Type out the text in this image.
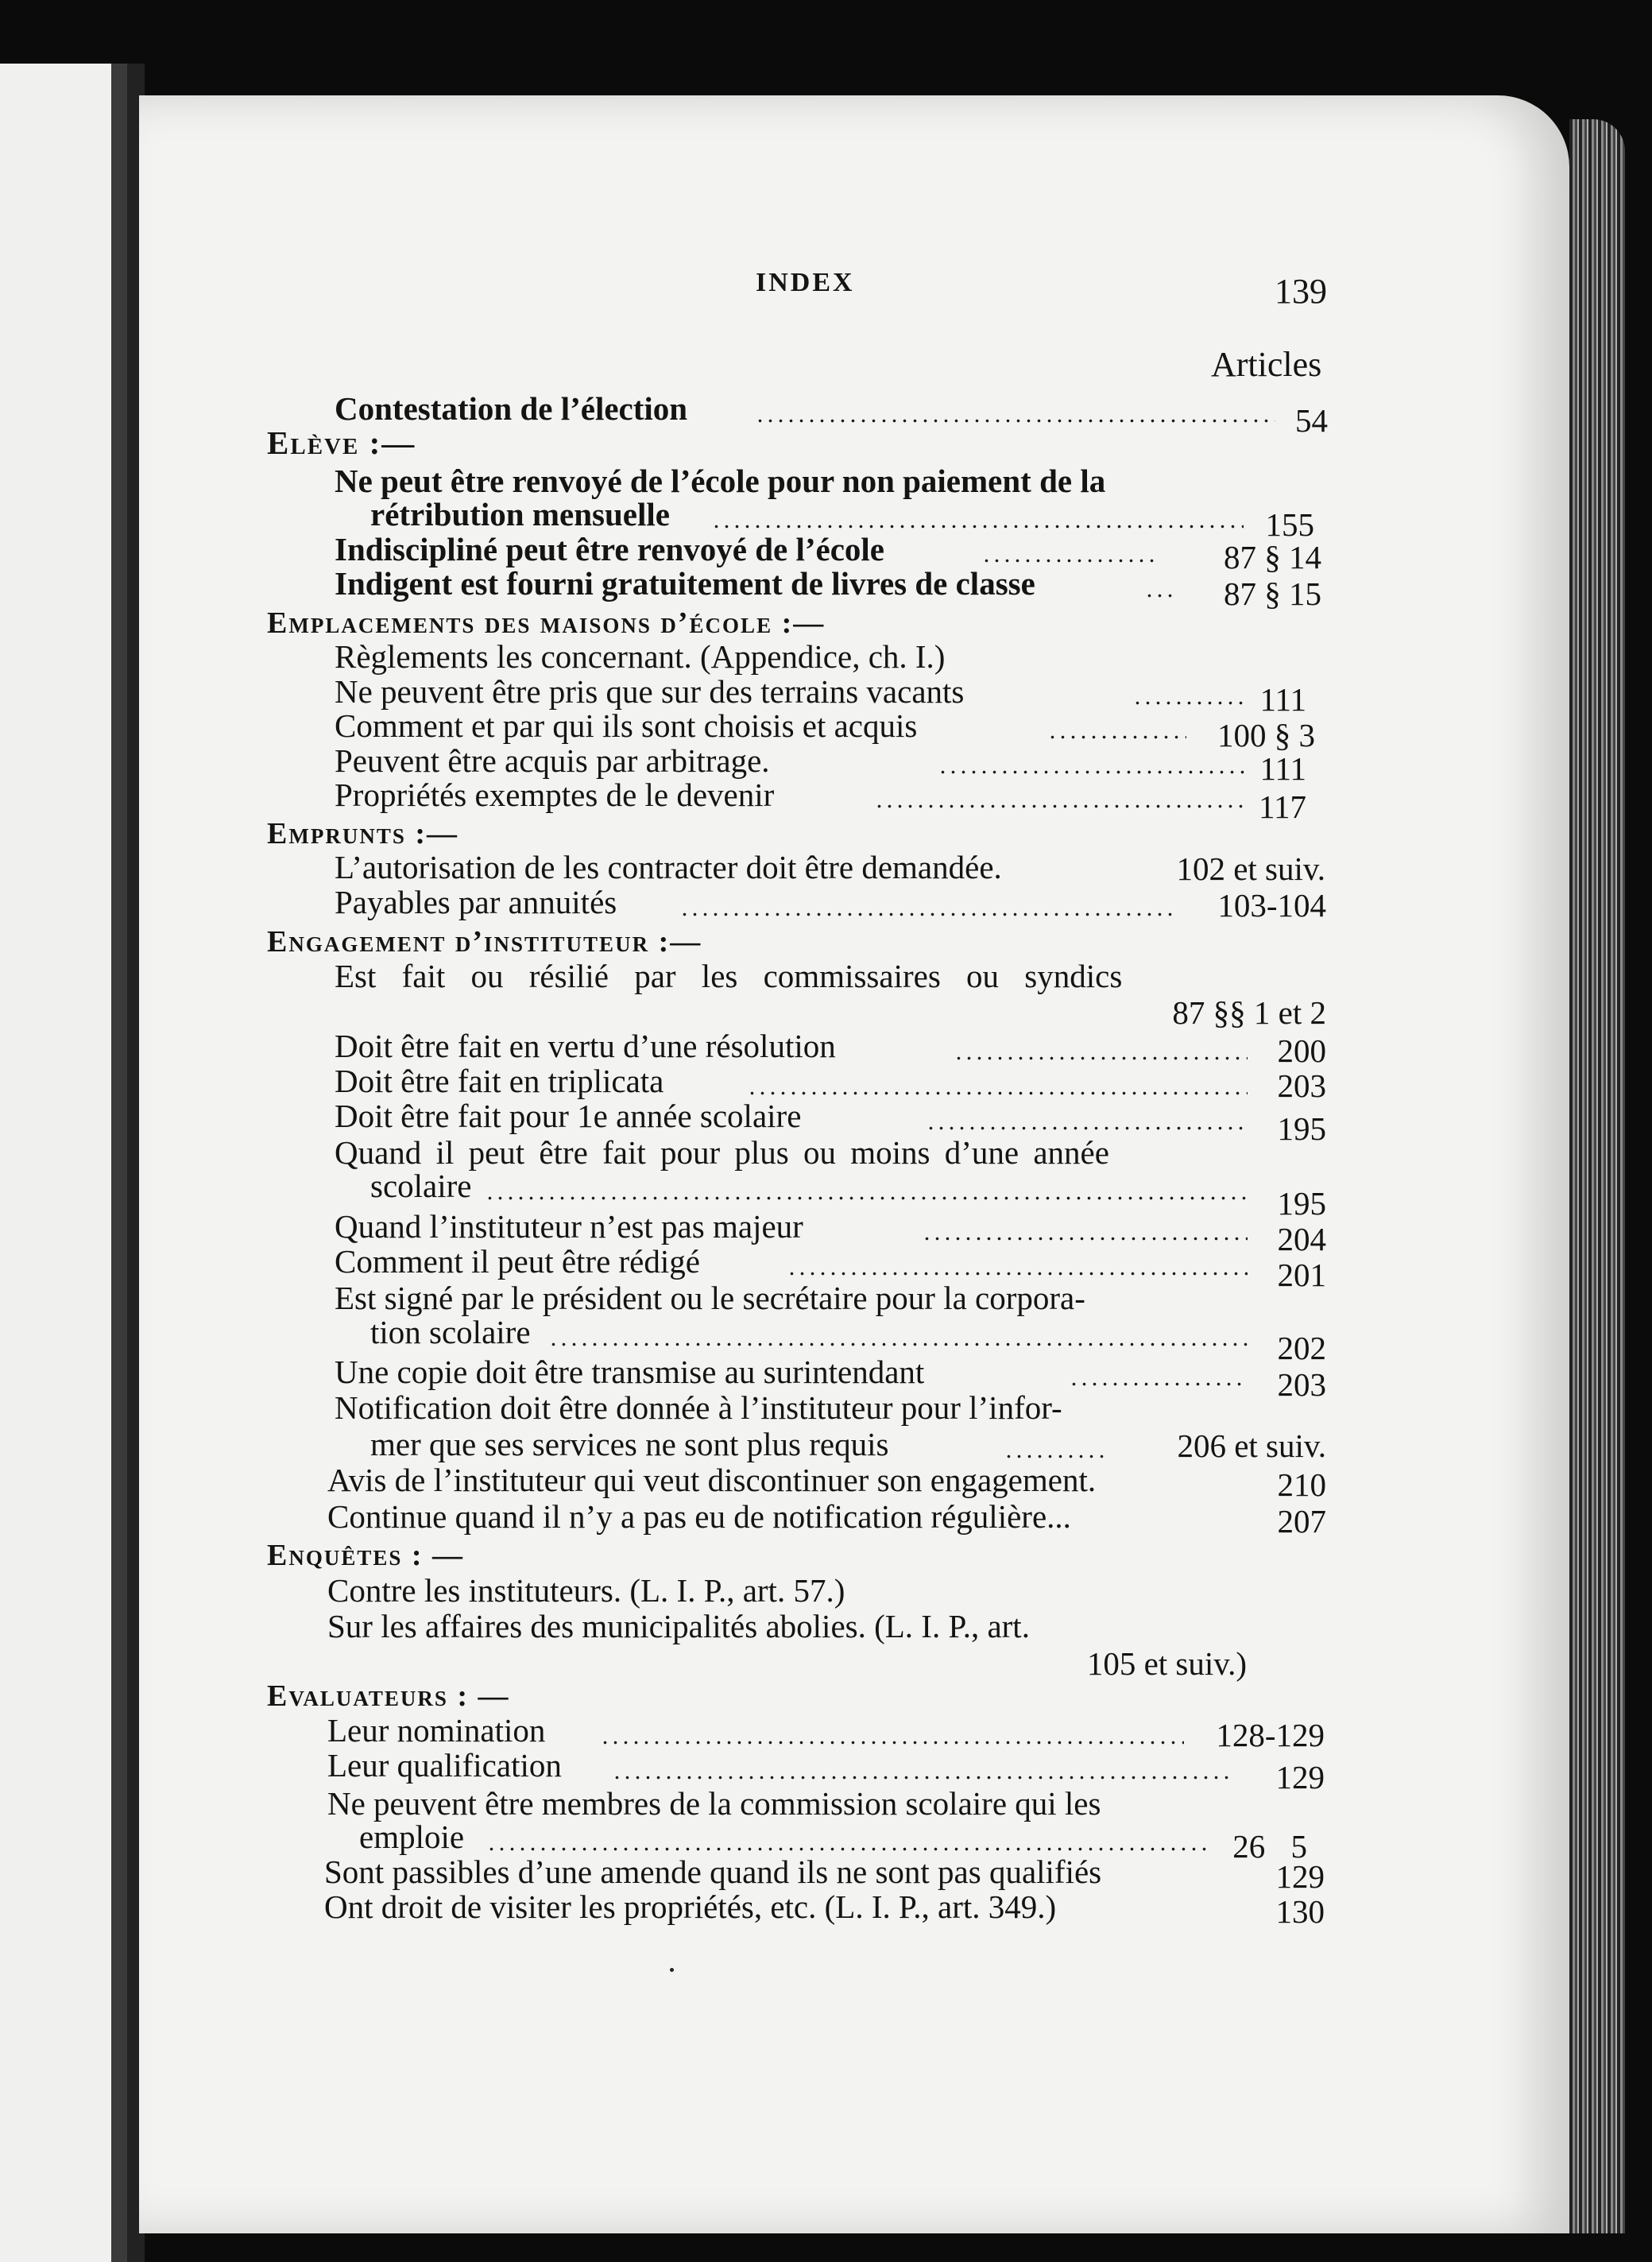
INDEX	139
Articles
Contestation de l’élection	54
Elève :—
Ne peut être renvoyé de l’école pour non paiement de la
rétribution mensuelle	155
Indiscipliné peut être renvoyé de l’école	87 § 14
Indigent est fourni gratuitement de livres de classe	87 § 15
Emplacements des maisons d’école :—
Règlements les concernant. (Appendice, ch. I.)
Ne peuvent être pris que sur des terrains vacants	111
Comment et par qui ils sont choisis et acquis	100 § 3
Peuvent être acquis par arbitrage.	111
Propriétés exemptes de le devenir	117
Emprunts :—
L’autorisation de les contracter doit être demandée.	102 et suiv.
Payables par annuités	103-104
Engagement d’instituteur :—
Est fait ou résilié par les commissaires ou syndics
87 §§ 1 et 2
Doit être fait en vertu d’une résolution	200
Doit être fait en triplicata	203
Doit être fait pour 1e année scolaire	195
Quand il peut être fait pour plus ou moins d’une année
scolaire	195
Quand l’instituteur n’est pas majeur	204
Comment il peut être rédigé	201
Est signé par le président ou le secrétaire pour la corpora-
tion scolaire	202
Une copie doit être transmise au surintendant	203
Notification doit être donnée à l’instituteur pour l’infor-
mer que ses services ne sont plus requis	206 et suiv.
Avis de l’instituteur qui veut discontinuer son engagement.	210
Continue quand il n’y a pas eu de notification régulière...	207
Enquêtes : —
Contre les instituteurs. (L. I. P., art. 57.)
Sur les affaires des municipalités abolies. (L. I. P., art.
105 et suiv.)
Evaluateurs : —
Leur nomination	128-129
Leur qualification	129
Ne peuvent être membres de la commission scolaire qui les
emploie	26 5
Sont passibles d’une amende quand ils ne sont pas qualifiés	129
Ont droit de visiter les propriétés, etc. (L. I. P., art. 349.)	130
